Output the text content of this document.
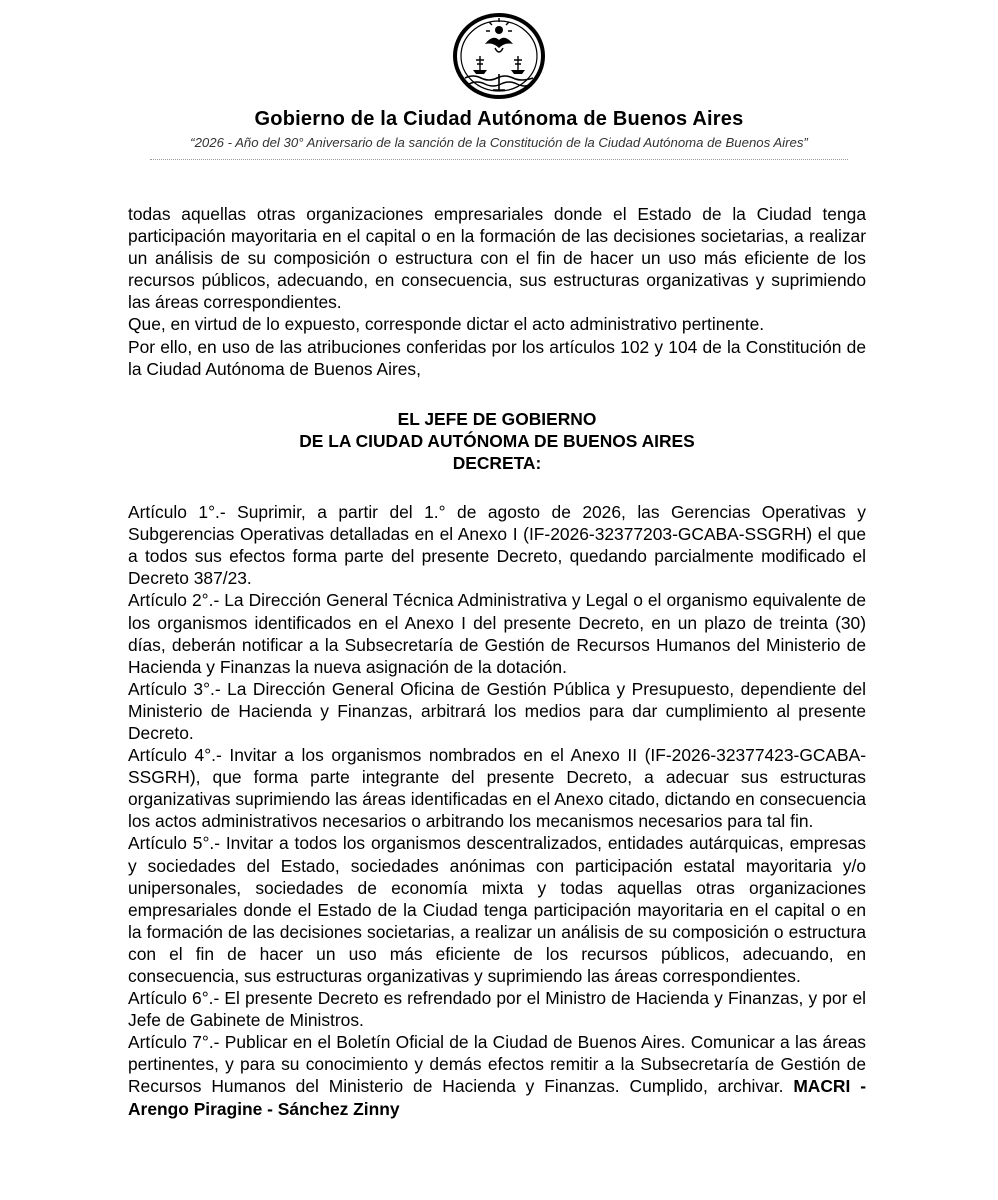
Gobierno de la Ciudad Autónoma de Buenos Aires
“2026 - Año del 30° Aniversario de la sanción de la Constitución de la Ciudad Autónoma de Buenos Aires”

todas aquellas otras organizaciones empresariales donde el Estado de la Ciudad tenga participación mayoritaria en el capital o en la formación de las decisiones societarias, a realizar un análisis de su composición o estructura con el fin de hacer un uso más eficiente de los recursos públicos, adecuando, en consecuencia, sus estructuras organizativas y suprimiendo las áreas correspondientes.

Que, en virtud de lo expuesto, corresponde dictar el acto administrativo pertinente.

Por ello, en uso de las atribuciones conferidas por los artículos 102 y 104 de la Constitución de la Ciudad Autónoma de Buenos Aires,

EL JEFE DE GOBIERNO
DE LA CIUDAD AUTÓNOMA DE BUENOS AIRES
DECRETA:

Artículo 1°.- Suprimir, a partir del 1.° de agosto de 2026, las Gerencias Operativas y Subgerencias Operativas detalladas en el Anexo I (IF-2026-32377203-GCABA-SSGRH) el que a todos sus efectos forma parte del presente Decreto, quedando parcialmente modificado el Decreto 387/23.

Artículo 2°.- La Dirección General Técnica Administrativa y Legal o el organismo equivalente de los organismos identificados en el Anexo I del presente Decreto, en un plazo de treinta (30) días, deberán notificar a la Subsecretaría de Gestión de Recursos Humanos del Ministerio de Hacienda y Finanzas la nueva asignación de la dotación.

Artículo 3°.- La Dirección General Oficina de Gestión Pública y Presupuesto, dependiente del Ministerio de Hacienda y Finanzas, arbitrará los medios para dar cumplimiento al presente Decreto.

Artículo 4°.- Invitar a los organismos nombrados en el Anexo II (IF-2026-32377423-GCABA-SSGRH), que forma parte integrante del presente Decreto, a adecuar sus estructuras organizativas suprimiendo las áreas identificadas en el Anexo citado, dictando en consecuencia los actos administrativos necesarios o arbitrando los mecanismos necesarios para tal fin.

Artículo 5°.- Invitar a todos los organismos descentralizados, entidades autárquicas, empresas y sociedades del Estado, sociedades anónimas con participación estatal mayoritaria y/o unipersonales, sociedades de economía mixta y todas aquellas otras organizaciones empresariales donde el Estado de la Ciudad tenga participación mayoritaria en el capital o en la formación de las decisiones societarias, a realizar un análisis de su composición o estructura con el fin de hacer un uso más eficiente de los recursos públicos, adecuando, en consecuencia, sus estructuras organizativas y suprimiendo las áreas correspondientes.

Artículo 6°.- El presente Decreto es refrendado por el Ministro de Hacienda y Finanzas, y por el Jefe de Gabinete de Ministros.

Artículo 7°.- Publicar en el Boletín Oficial de la Ciudad de Buenos Aires. Comunicar a las áreas pertinentes, y para su conocimiento y demás efectos remitir a la Subsecretaría de Gestión de Recursos Humanos del Ministerio de Hacienda y Finanzas. Cumplido, archivar. MACRI - Arengo Piragine - Sánchez Zinny
